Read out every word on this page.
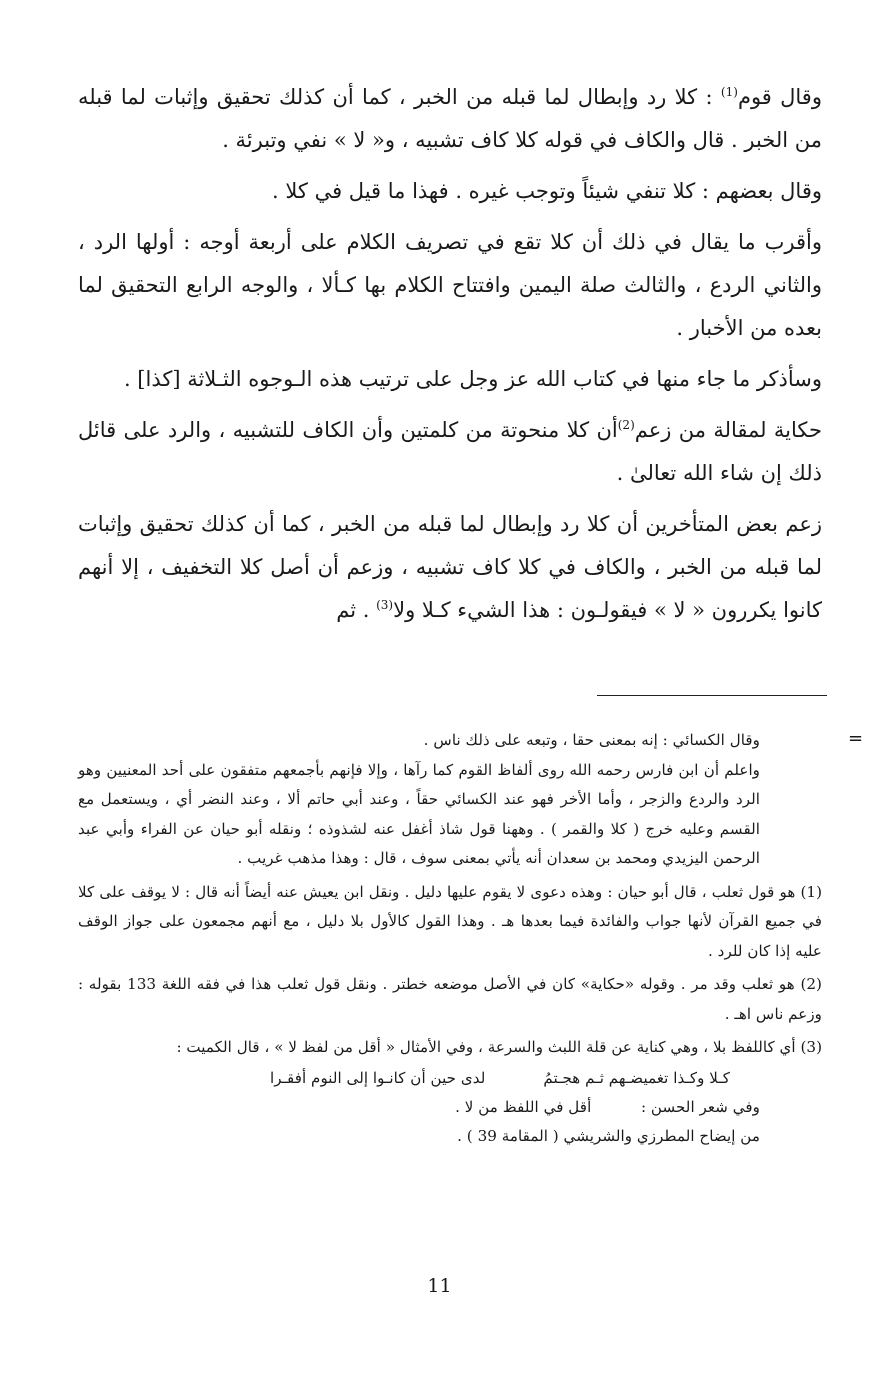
وقال قوم$^{(1)}$ : كلا رد وإبطال لما قبله من الخبر ، كما أن كذلك تحقيق وإثبات لما قبله من الخبر . قال والكاف في قوله كلا كاف تشبيه ، و« لا » نفي وتبرئة .

وقال بعضهم : كلا تنفي شيئاً وتوجب غيره . فهذا ما قيل في كلا .

وأقرب ما يقال في ذلك أن كلا تقع في تصريف الكلام على أربعة أوجه : أولها الرد ، والثاني الردع ، والثالث صلة اليمين وافتتاح الكلام بها كـألا ، والوجه الرابع التحقيق لما بعده من الأخبار .

وسأذكر ما جاء منها في كتاب الله عز وجل على ترتيب هذه الـوجوه الثـلاثة [كذا] .

حكاية لمقالة من زعم$^{(2)}$أن كلا منحوتة من كلمتين وأن الكاف للتشبيه ، والرد على قائل ذلك إن شاء الله تعالىٰ .

زعم بعض المتأخرين أن كلا رد وإبطال لما قبله من الخبر ، كما أن كذلك تحقيق وإثبات لما قبله من الخبر ، والكاف في كلا كاف تشبيه ، وزعم أن أصل كلا التخفيف ، إلا أنهم كانوا يكررون « لا » فيقولـون : هذا الشيء كـلا ولا$^{(3)}$ . ثم

=

وقال الكسائي : إنه بمعنى حقا ، وتبعه على ذلك ناس .

واعلم أن ابن فارس رحمه الله روى ألفاظ القوم كما رآها ، وإلا فإنهم بأجمعهم متفقون على أحد المعنيين وهو الرد والردع والزجر ، وأما الأخر فهو عند الكسائي حقاً ، وعند أبي حاتم ألا ، وعند النضر أي ، ويستعمل مع القسم وعليه خرج ( كلا والقمر ) . وههنا قول شاذ أغفل عنه لشذوذه ؛ ونقله أبو حيان عن الفراء وأبي عبد الرحمن اليزيدي ومحمد بن سعدان أنه يأتي بمعنى سوف ، قال : وهذا مذهب غريب .

(1) هو قول ثعلب ، قال أبو حيان : وهذه دعوى لا يقوم عليها دليل . ونقل ابن يعيش عنه أيضاً أنه قال : لا يوقف على كلا في جميع القرآن لأنها جواب والفائدة فيما بعدها هـ . وهذا القول كالأول بلا دليل ، مع أنهم مجمعون على جواز الوقف عليه إذا كان للرد .

(2) هو ثعلب وقد مر . وقوله «حكاية» كان في الأصل موضعه خطتر . ونقل قول ثعلب هذا في فقه اللغة 133 بقوله : وزعم ناس اهـ .

(3) أي كاللفظ بلا ، وهي كناية عن قلة اللبث والسرعة ، وفي الأمثال « أقل من لفظ لا » ، قال الكميت :

كـلا وكـذا تغميضـهم ثـم هجـتمُ
لدى حين أن كانـوا إلى النوم أفقـرا

وفي شعر الحسن :  أقل في اللفظ من لا .

من إيضاح المطرزي والشريشي ( المقامة 39 ) .

11
